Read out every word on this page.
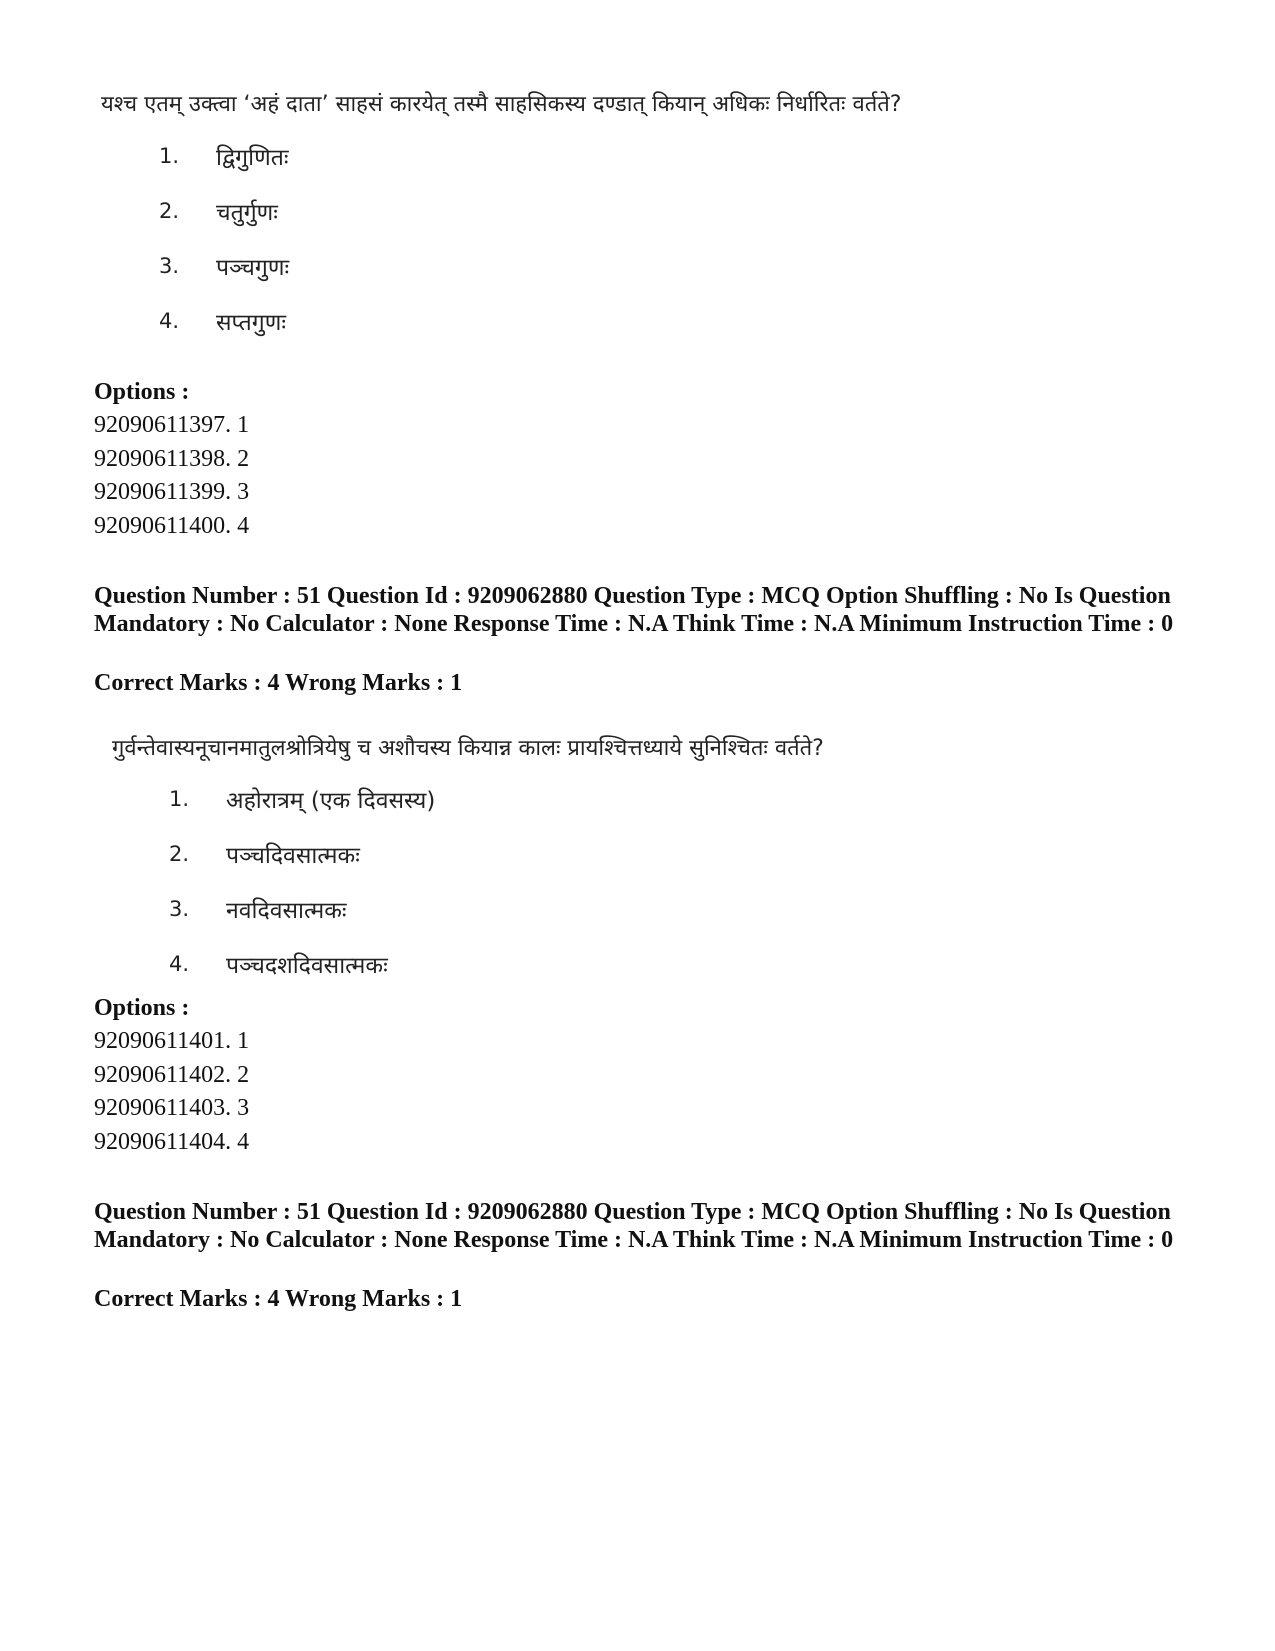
यश्च एतम् उक्त्वा ‘अहं दाता’ साहसं कारयेत् तस्मै साहसिकस्य दण्डात् कियान् अधिकः निर्धारितः वर्तते?
1.	द्विगुणितः
2.	चतुर्गुणः
3.	पञ्चगुणः
4.	सप्तगुणः

Options :

92090611397. 1
92090611398. 2
92090611399. 3
92090611400. 4

Question Number : 51 Question Id : 9209062880 Question Type : MCQ Option Shuffling : No Is Question Mandatory : No Calculator : None Response Time : N.A Think Time : N.A Minimum Instruction Time : 0

Correct Marks : 4 Wrong Marks : 1

गुर्वन्तेवास्यनूचानमातुलश्रोत्रियेषु च अशौचस्य कियान्न कालः प्रायश्चित्तध्याये सुनिश्चितः वर्तते?
1.	अहोरात्रम् (एक दिवसस्य)
2.	पञ्चदिवसात्मकः
3.	नवदिवसात्मकः
4.	पञ्चदशदिवसात्मकः

Options :

92090611401. 1
92090611402. 2
92090611403. 3
92090611404. 4

Question Number : 51 Question Id : 9209062880 Question Type : MCQ Option Shuffling : No Is Question Mandatory : No Calculator : None Response Time : N.A Think Time : N.A Minimum Instruction Time : 0

Correct Marks : 4 Wrong Marks : 1
